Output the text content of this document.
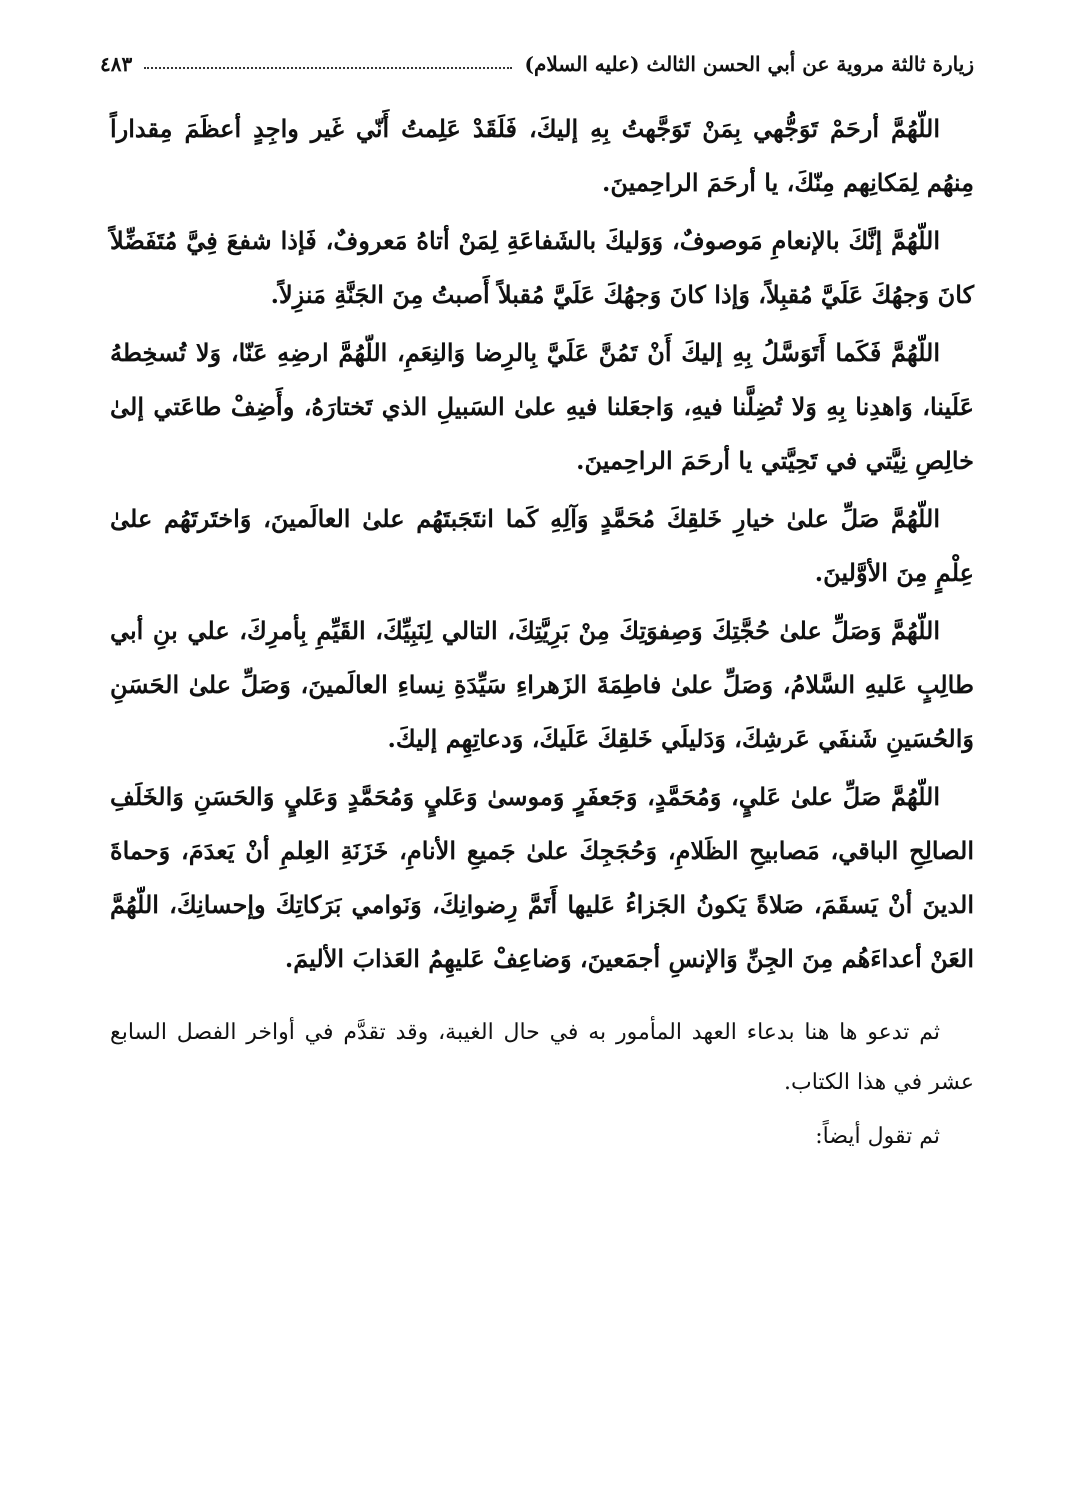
زيارة ثالثة مروية عن أبي الحسن الثالث (عليه السلام)
٤٨٣

اللّهُمَّ أرحَمْ تَوَجُّهي بِمَنْ تَوَجَّهتُ بِهِ إليكَ، فَلَقَدْ عَلِمتُ أَنّي غَير واجِدٍ أعظَمَ مِقداراً مِنهُم لِمَكانِهم مِنّكَ، يا أرحَمَ الراحِمينَ.

اللّهُمَّ إنَّكَ بالإنعامِ مَوصوفٌ، وَوَليكَ بالشَفاعَةِ لِمَنْ أتاهُ مَعروفٌ، فَإذا شفعَ فِيَّ مُتَفَضِّلاً كانَ وَجهُكَ عَلَيَّ مُقبِلاً، وَإذا كانَ وَجهُكَ عَلَيَّ مُقبلاً أَصبتُ مِنَ الجَنَّةِ مَنزِلاً.

اللّهُمَّ فَكَما أَتَوَسَّلُ بِهِ إليكَ أَنْ تَمُنَّ عَلَيَّ بِالرِضا وَالنِعَمِ، اللّهُمَّ ارضِهِ عَنّا، وَلا تُسخِطهُ عَلَينا، وَاهدِنا بِهِ وَلا تُضِلَّنا فيهِ، وَاجعَلنا فيهِ علىٰ السَبيلِ الذي تَختارَهُ، وأَضِفْ طاعَتي إلىٰ خالِصِ نِيَّتي في تَحِيَّتي يا أرحَمَ الراحِمينَ.

اللّهُمَّ صَلِّ علىٰ خيارِ خَلقِكَ مُحَمَّدٍ وَآلِهِ كَما انتَجَبتَهُم علىٰ العالَمينَ، وَاختَرتَهُم علىٰ عِلْمٍ مِنَ الأوَّلينَ.

اللّهُمَّ وَصَلِّ علىٰ حُجَّتِكَ وَصِفوَتِكَ مِنْ بَرِيَّتِكَ، التالي لِنَبِيِّكَ، القَيِّمِ بِأمرِكَ، علي بنِ أبي طالِبٍ عَليهِ السَّلامُ، وَصَلِّ علىٰ فاطِمَةَ الزَهراءِ سَيِّدَةِ نِساءِ العالَمينَ، وَصَلِّ علىٰ الحَسَنِ وَالحُسَينِ شَنفَي عَرشِكَ، وَدَليلَي خَلقِكَ عَلَيكَ، وَدعاتِهِم إليكَ.

اللّهُمَّ صَلِّ علىٰ عَليٍ، وَمُحَمَّدٍ، وَجَعفَرٍ وَموسىٰ وَعَليٍ وَمُحَمَّدٍ وَعَليٍ وَالحَسَنِ وَالخَلَفِ الصالِحِ الباقي، مَصابيحِ الظَلامِ، وَحُجَجِكَ علىٰ جَميعِ الأنامِ، خَزَنَةِ العِلمِ أنْ يَعدَمَ، وَحماةَ الدينَ أنْ يَسقَمَ، صَلاةً يَكونُ الجَزاءُ عَليها أَتَمَّ رِضوانِكَ، وَنَوامي بَرَكاتِكَ وإحسانِكَ، اللّهُمَّ العَنْ أعداءَهُم مِنَ الجِنِّ وَالإنسِ أجمَعينَ، وَضاعِفْ عَليهِمُ العَذابَ الأليمَ.

ثم تدعو ها هنا بدعاء العهد المأمور به في حال الغيبة، وقد تقدَّم في أواخر الفصل السابع عشر في هذا الكتاب.

ثم تقول أيضاً:
